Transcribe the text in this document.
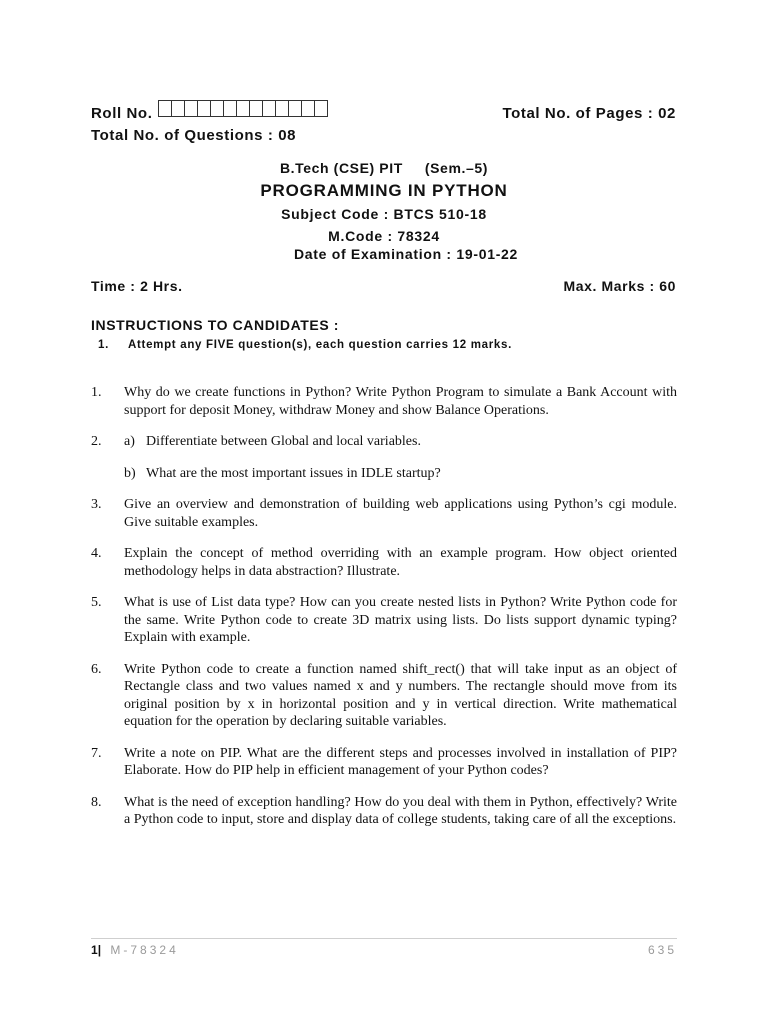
Roll No.	Total No. of Pages : 02
Total No. of Questions : 08
B.Tech (CSE) PIT (Sem.–5)
PROGRAMMING IN PYTHON
Subject Code : BTCS 510-18
M.Code : 78324
Date of Examination : 19-01-22
Time : 2 Hrs.	Max. Marks : 60
INSTRUCTIONS TO CANDIDATES :
1. Attempt any FIVE question(s), each question carries 12 marks.
1.	Why do we create functions in Python? Write Python Program to simulate a Bank Account with support for deposit Money, withdraw Money and show Balance Operations.
2.	a) Differentiate between Global and local variables.
b) What are the most important issues in IDLE startup?
3.	Give an overview and demonstration of building web applications using Python’s cgi module. Give suitable examples.
4.	Explain the concept of method overriding with an example program. How object oriented methodology helps in data abstraction? Illustrate.
5.	What is use of List data type? How can you create nested lists in Python? Write Python code for the same. Write Python code to create 3D matrix using lists. Do lists support dynamic typing? Explain with example.
6.	Write Python code to create a function named shift_rect() that will take input as an object of Rectangle class and two values named x and y numbers. The rectangle should move from its original position by x in horizontal position and y in vertical direction. Write mathematical equation for the operation by declaring suitable variables.
7.	Write a note on PIP. What are the different steps and processes involved in installation of PIP? Elaborate. How do PIP help in efficient management of your Python codes?
8.	What is the need of exception handling? How do you deal with them in Python, effectively? Write a Python code to input, store and display data of college students, taking care of all the exceptions.
1| M-78324	635
